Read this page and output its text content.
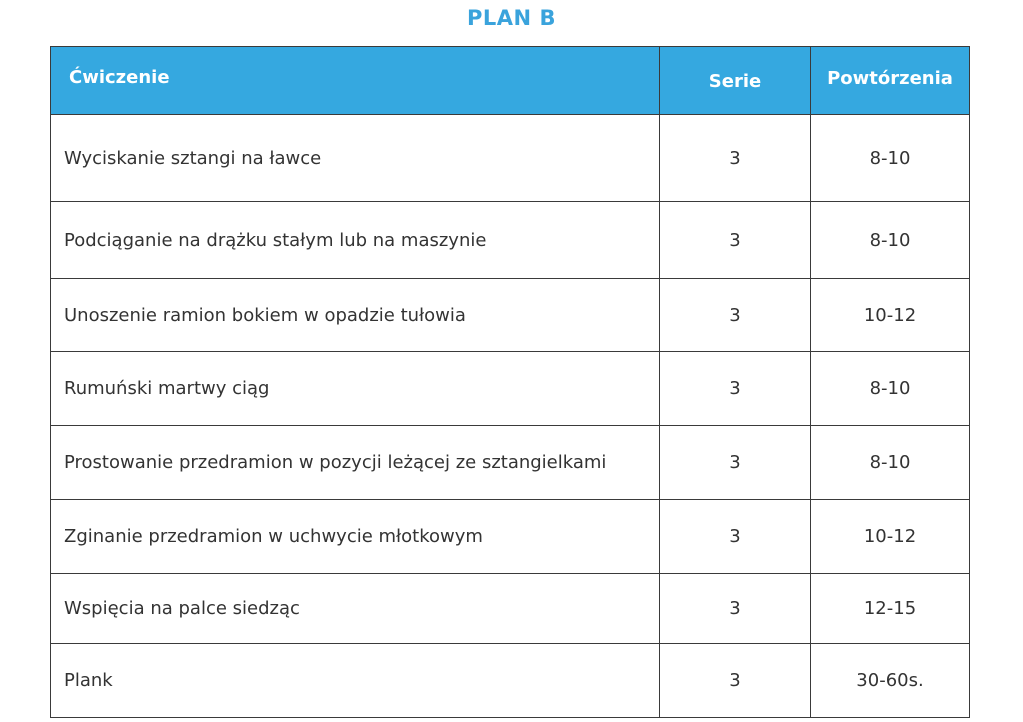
PLAN B
Ćwiczenie	Serie	Powtórzenia
Wyciskanie sztangi na ławce	3	8-10
Podciąganie na drążku stałym lub na maszynie	3	8-10
Unoszenie ramion bokiem w opadzie tułowia	3	10-12
Rumuński martwy ciąg	3	8-10
Prostowanie przedramion w pozycji leżącej ze sztangielkami	3	8-10
Zginanie przedramion w uchwycie młotkowym	3	10-12
Wspięcia na palce siedząc	3	12-15
Plank	3	30-60s.
